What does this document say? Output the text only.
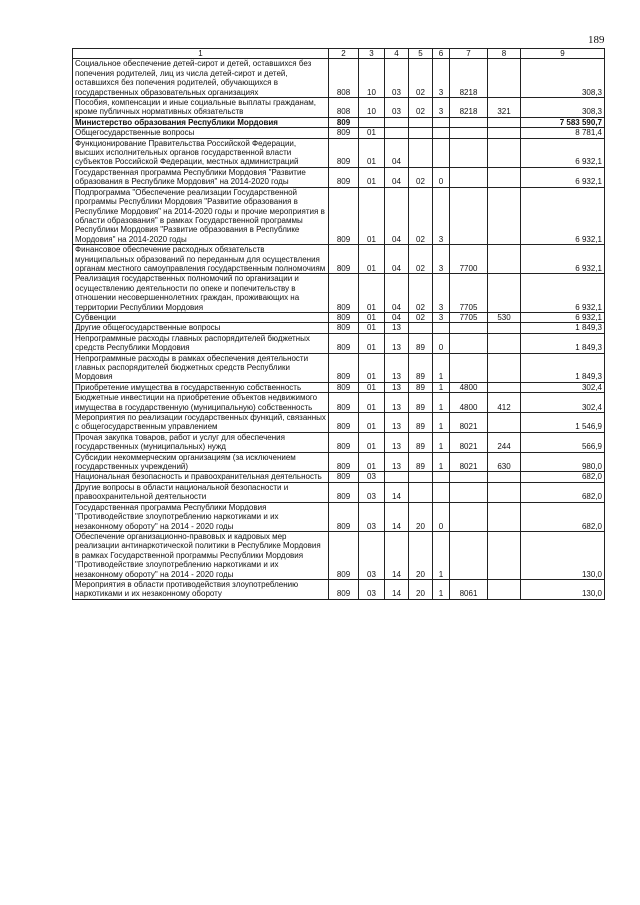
189
1	2	3	4	5	6	7	8	9
Социальное обеспечение детей-сирот и детей, оставшихся без попечения родителей, лиц из числа детей-сирот и детей, оставшихся без попечения родителей, обучающихся в государственных образовательных организациях	808	10	03	02	3	8218		308,3
Пособия, компенсации и иные социальные выплаты гражданам, кроме публичных нормативных обязательств	808	10	03	02	3	8218	321	308,3
Министерство образования Республики Мордовия	809							7 583 590,7
Общегосударственные вопросы	809	01						8 781,4
Функционирование Правительства Российской Федерации, высших исполнительных органов государственной власти субъектов Российской Федерации, местных администраций	809	01	04					6 932,1
Государственная программа Республики Мордовия "Развитие образования в Республике Мордовия" на 2014-2020 годы	809	01	04	02	0			6 932,1
Подпрограмма "Обеспечение реализации Государственной программы Республики Мордовия "Развитие образования в Республике Мордовия" на 2014-2020 годы и прочие мероприятия в области образования" в рамках Государственной программы Республики Мордовия "Развитие образования в Республике Мордовия" на 2014-2020 годы	809	01	04	02	3			6 932,1
Финансовое обеспечение расходных обязательств муниципальных образований по переданным для осуществления органам местного самоуправления государственным полномочиям	809	01	04	02	3	7700		6 932,1
Реализация государственных полномочий по организации и осуществлению деятельности по опеке и попечительству в отношении несовершеннолетних граждан, проживающих на территории Республики Мордовия	809	01	04	02	3	7705		6 932,1
Субвенции	809	01	04	02	3	7705	530	6 932,1
Другие общегосударственные вопросы	809	01	13					1 849,3
Непрограммные расходы главных распорядителей бюджетных средств Республики Мордовия	809	01	13	89	0			1 849,3
Непрограммные расходы в рамках обеспечения деятельности главных распорядителей бюджетных средств Республики Мордовия	809	01	13	89	1			1 849,3
Приобретение имущества в государственную собственность	809	01	13	89	1	4800		302,4
Бюджетные инвестиции на приобретение объектов недвижимого имущества в государственную (муниципальную) собственность	809	01	13	89	1	4800	412	302,4
Мероприятия по реализации государственных функций, связанных с общегосударственным управлением	809	01	13	89	1	8021		1 546,9
Прочая закупка товаров, работ и услуг для обеспечения государственных (муниципальных) нужд	809	01	13	89	1	8021	244	566,9
Субсидии некоммерческим организациям (за исключением государственных учреждений)	809	01	13	89	1	8021	630	980,0
Национальная безопасность и правоохранительная деятельность	809	03						682,0
Другие вопросы в области национальной безопасности и правоохранительной деятельности	809	03	14					682,0
Государственная программа Республики Мордовия "Противодействие злоупотреблению наркотиками и их незаконному обороту" на 2014 - 2020 годы	809	03	14	20	0			682,0
Обеспечение организационно-правовых и кадровых мер реализации антинаркотической политики в Республике Мордовия в рамках Государственной программы Республики Мордовия "Противодействие злоупотреблению наркотиками и их незаконному обороту" на 2014 - 2020 годы	809	03	14	20	1			130,0
Мероприятия в области противодействия злоупотреблению наркотиками и их незаконному обороту	809	03	14	20	1	8061		130,0
